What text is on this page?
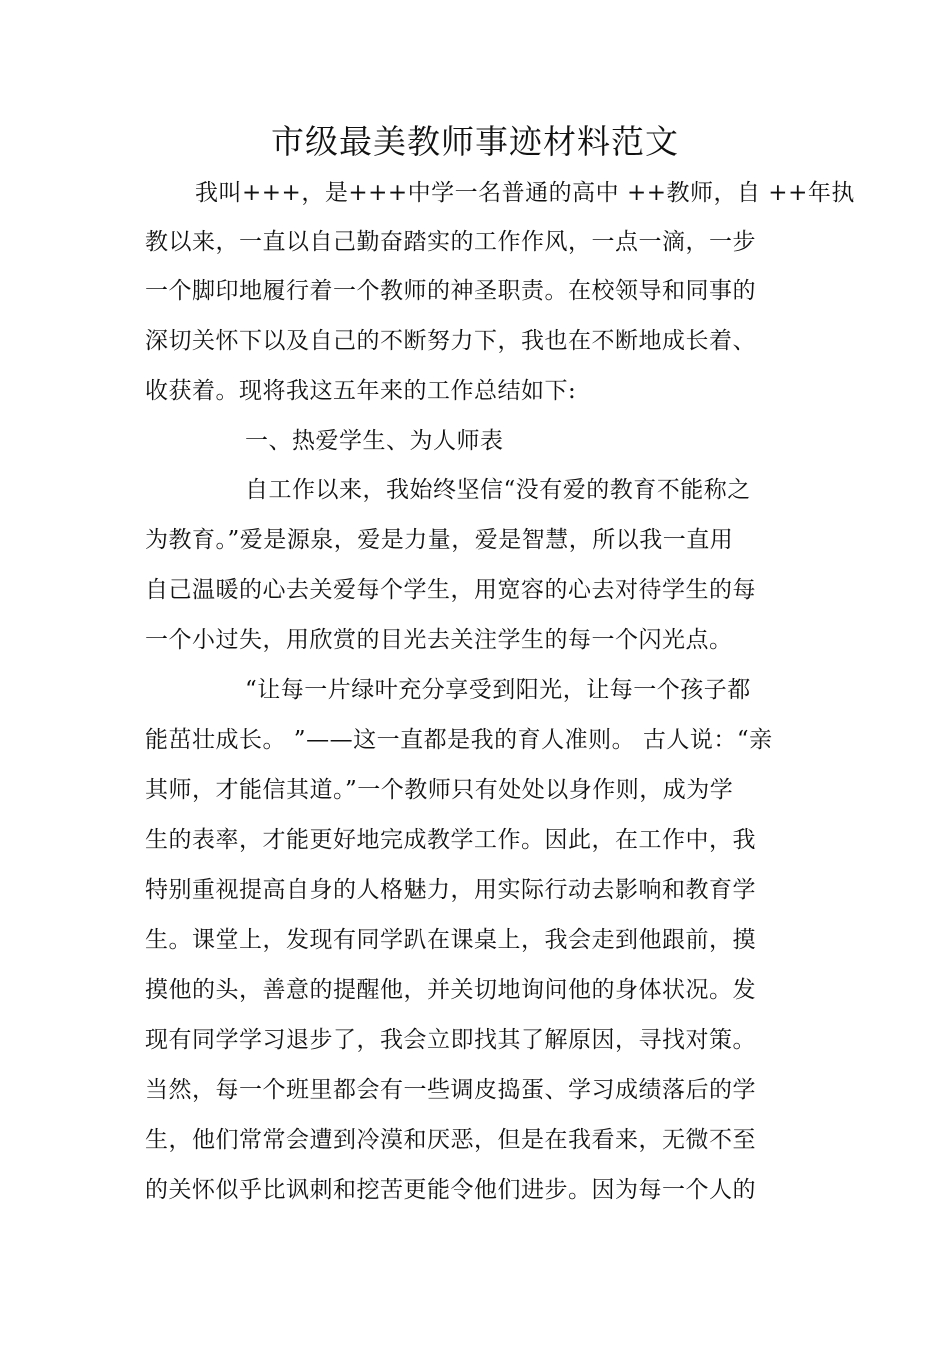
市级最美教师事迹材料范文
我叫+++，是+++中学一名普通的高中 ++教师，自 ++年执
教以来，一直以自己勤奋踏实的工作作风，一点一滴，一步
一个脚印地履行着一个教师的神圣职责。在校领导和同事的
深切关怀下以及自己的不断努力下，我也在不断地成长着、
收获着。现将我这五年来的工作总结如下:
一、热爱学生、为人师表
自工作以来，我始终坚信“没有爱的教育不能称之
为教育。”爱是源泉，爱是力量，爱是智慧，所以我一直用
自己温暖的心去关爱每个学生，用宽容的心去对待学生的每
一个小过失，用欣赏的目光去关注学生的每一个闪光点。
“让每一片绿叶充分享受到阳光，让每一个孩子都
能茁壮成长。 ”——这一直都是我的育人准则。 古人说：“亲
其师，才能信其道。”一个教师只有处处以身作则，成为学
生的表率，才能更好地完成教学工作。因此，在工作中，我
特别重视提高自身的人格魅力，用实际行动去影响和教育学
生。课堂上，发现有同学趴在课桌上，我会走到他跟前，摸
摸他的头，善意的提醒他，并关切地询问他的身体状况。发
现有同学学习退步了，我会立即找其了解原因，寻找对策。
当然，每一个班里都会有一些调皮捣蛋、学习成绩落后的学
生，他们常常会遭到冷漠和厌恶，但是在我看来，无微不至
的关怀似乎比讽刺和挖苦更能令他们进步。因为每一个人的
